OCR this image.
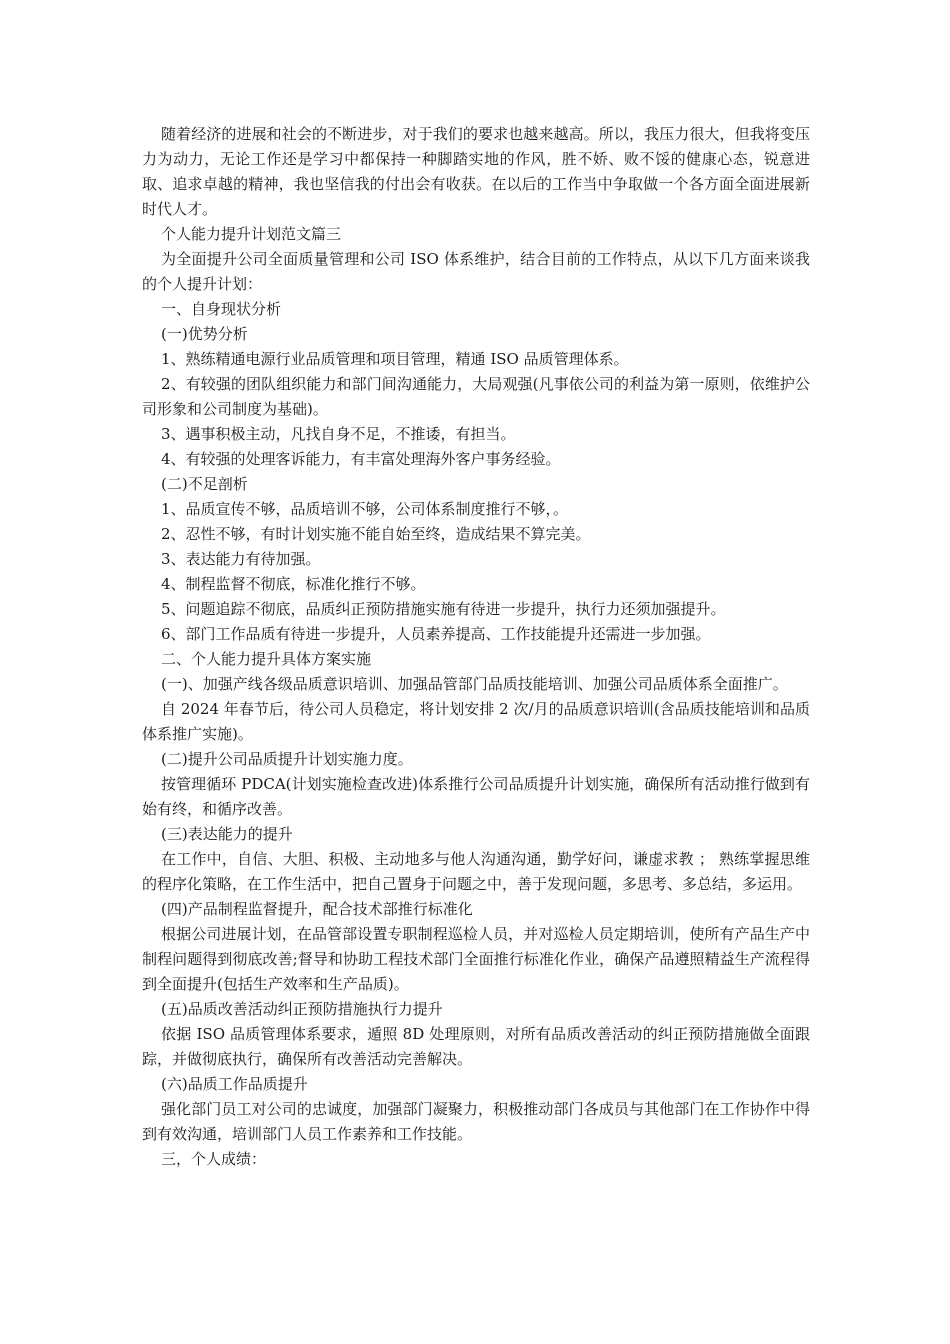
随着经济的进展和社会的不断进步，对于我们的要求也越来越高。所以，我压力很大，但我将变压力为动力，无论工作还是学习中都保持一种脚踏实地的作风，胜不娇、败不馁的健康心态，锐意进取、追求卓越的精神，我也坚信我的付出会有收获。在以后的工作当中争取做一个各方面全面进展新时代人才。

个人能力提升计划范文篇三

为全面提升公司全面质量管理和公司 ISO 体系维护，结合目前的工作特点，从以下几方面来谈我的个人提升计划：

一、自身现状分析

(一)优势分析

1、熟练精通电源行业品质管理和项目管理，精通 ISO 品质管理体系。

2、有较强的团队组织能力和部门间沟通能力，大局观强(凡事依公司的利益为第一原则，依维护公司形象和公司制度为基础)。

3、遇事积极主动，凡找自身不足，不推诿，有担当。

4、有较强的处理客诉能力，有丰富处理海外客户事务经验。

(二)不足剖析

1、品质宣传不够，品质培训不够，公司体系制度推行不够，。

2、忍性不够，有时计划实施不能自始至终，造成结果不算完美。

3、表达能力有待加强。

4、制程监督不彻底，标准化推行不够。

5、问题追踪不彻底，品质纠正预防措施实施有待进一步提升，执行力还须加强提升。

6、部门工作品质有待进一步提升，人员素养提高、工作技能提升还需进一步加强。

二、个人能力提升具体方案实施

(一)、加强产线各级品质意识培训、加强品管部门品质技能培训、加强公司品质体系全面推广。

自 2024 年春节后，待公司人员稳定，将计划安排 2 次/月的品质意识培训(含品质技能培训和品质体系推广实施)。

(二)提升公司品质提升计划实施力度。

按管理循环 PDCA(计划实施检查改进)体系推行公司品质提升计划实施，确保所有活动推行做到有始有终，和循序改善。

(三)表达能力的提升

在工作中，自信、大胆、积极、主动地多与他人沟通沟通，勤学好问，谦虚求教 ； 熟练掌握思维的程序化策略，在工作生活中，把自己置身于问题之中，善于发现问题，多思考、多总结，多运用。

(四)产品制程监督提升，配合技术部推行标准化

根据公司进展计划，在品管部设置专职制程巡检人员，并对巡检人员定期培训，使所有产品生产中制程问题得到彻底改善;督导和协助工程技术部门全面推行标准化作业，确保产品遵照精益生产流程得到全面提升(包括生产效率和生产品质)。

(五)品质改善活动纠正预防措施执行力提升

依据 ISO 品质管理体系要求，遁照 8D 处理原则，对所有品质改善活动的纠正预防措施做全面跟踪，并做彻底执行，确保所有改善活动完善解决。

(六)品质工作品质提升

强化部门员工对公司的忠诚度，加强部门凝聚力，积极推动部门各成员与其他部门在工作协作中得到有效沟通，培训部门人员工作素养和工作技能。

三，个人成绩：
